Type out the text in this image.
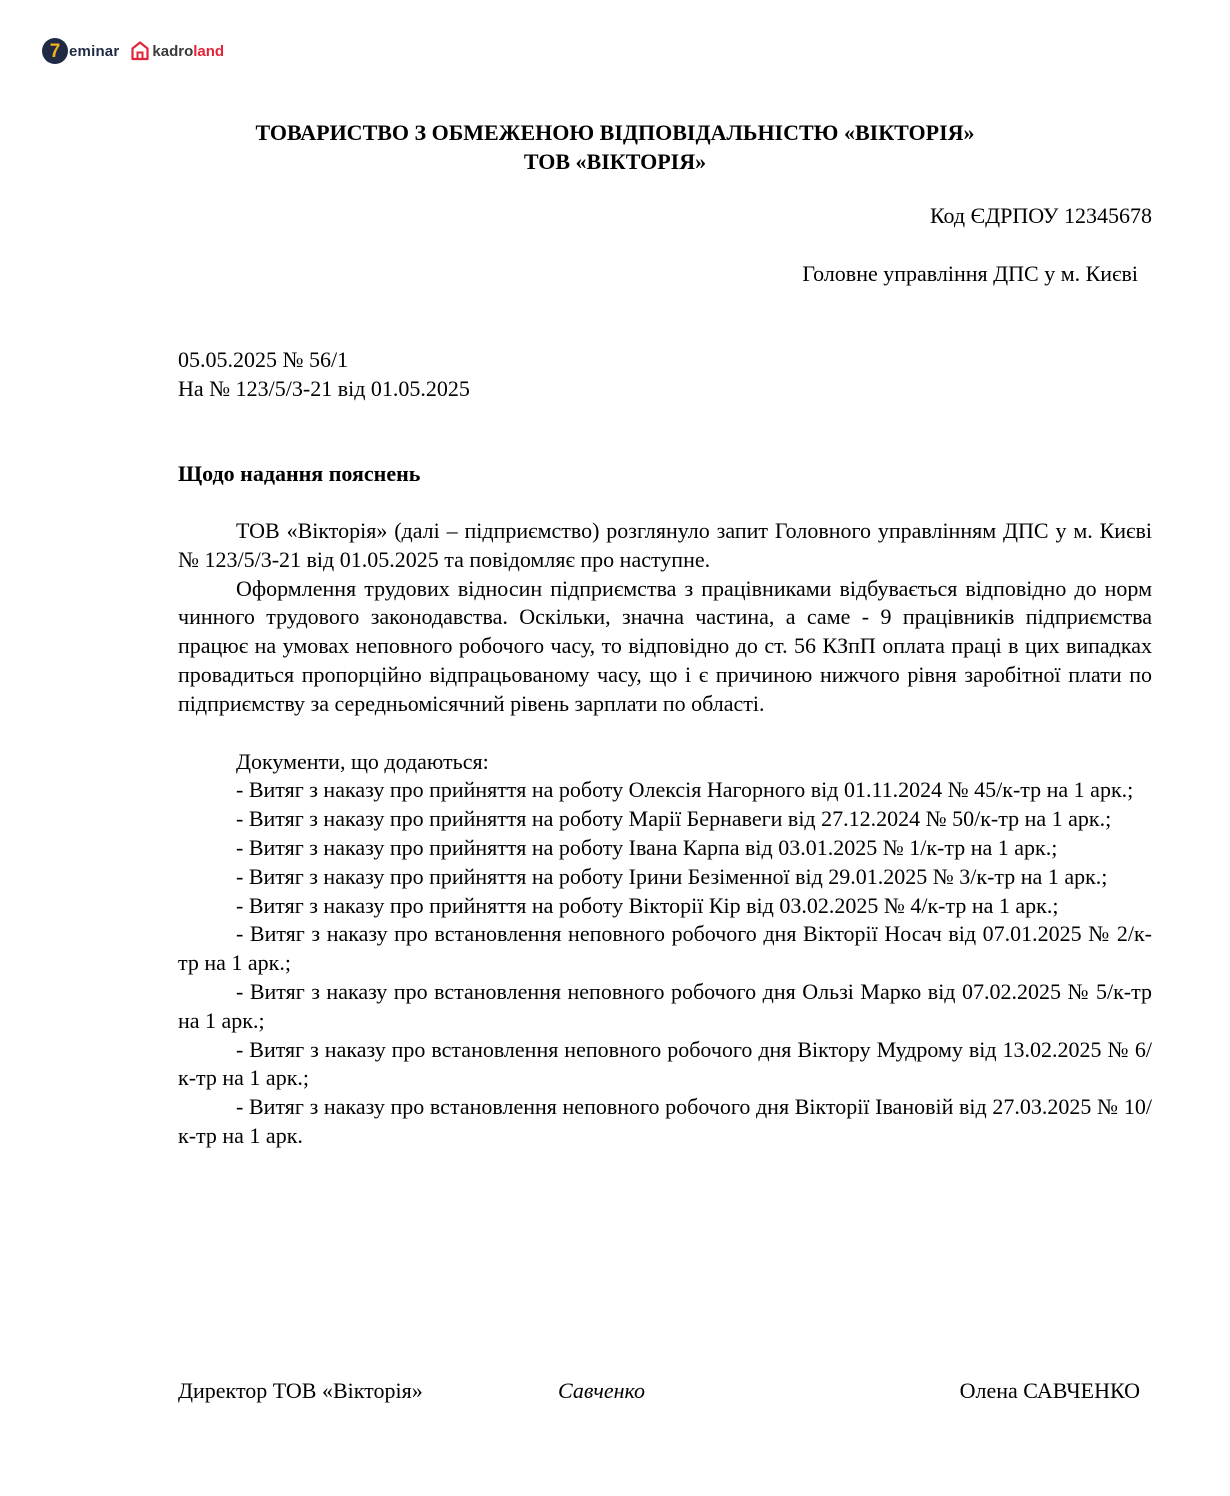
7 eminar kadroland
ТОВАРИСТВО З ОБМЕЖЕНОЮ ВІДПОВІДАЛЬНІСТЮ «ВІКТОРІЯ»
ТОВ «ВІКТОРІЯ»
Код ЄДРПОУ 12345678
Головне управління ДПС у м. Києві
05.05.2025 № 56/1
На № 123/5/3-21 від 01.05.2025
Щодо надання пояснень

ТОВ «Вікторія» (далі – підприємство) розглянуло запит Головного управлінням ДПС у м. Києві № 123/5/3-21 від 01.05.2025 та повідомляє про наступне.

Оформлення трудових відносин підприємства з працівниками відбувається відповідно до норм чинного трудового законодавства. Оскільки, значна частина, а саме - 9 працівників підприємства працює на умовах неповного робочого часу, то відповідно до ст. 56 КЗпП оплата праці в цих випадках провадиться пропорційно відпрацьованому часу, що і є причиною нижчого рівня заробітної плати по підприємству за середньомісячний рівень зарплати по області.

Документи, що додаються:

- Витяг з наказу про прийняття на роботу Олексія Нагорного від 01.11.2024 № 45/к-тр на 1 арк.;

- Витяг з наказу про прийняття на роботу Марії Бернавеги від 27.12.2024 № 50/к-тр на 1 арк.;

- Витяг з наказу про прийняття на роботу Івана Карпа від 03.01.2025 № 1/к-тр на 1 арк.;

- Витяг з наказу про прийняття на роботу Ірини Безіменної від 29.01.2025 № 3/к-тр на 1 арк.;

- Витяг з наказу про прийняття на роботу Вікторії Кір від 03.02.2025 № 4/к-тр на 1 арк.;

- Витяг з наказу про встановлення неповного робочого дня Вікторії Носач від 07.01.2025 № 2/к-тр на 1 арк.;

- Витяг з наказу про встановлення неповного робочого дня Ользі Марко від 07.02.2025 № 5/к-тр на 1 арк.;

- Витяг з наказу про встановлення неповного робочого дня Віктору Мудрому від 13.02.2025 № 6/к-тр на 1 арк.;

- Витяг з наказу про встановлення неповного робочого дня Вікторії Івановій від 27.03.2025 № 10/к-тр на 1 арк.

Директор ТОВ «Вікторія»	Савченко	Олена САВЧЕНКО
